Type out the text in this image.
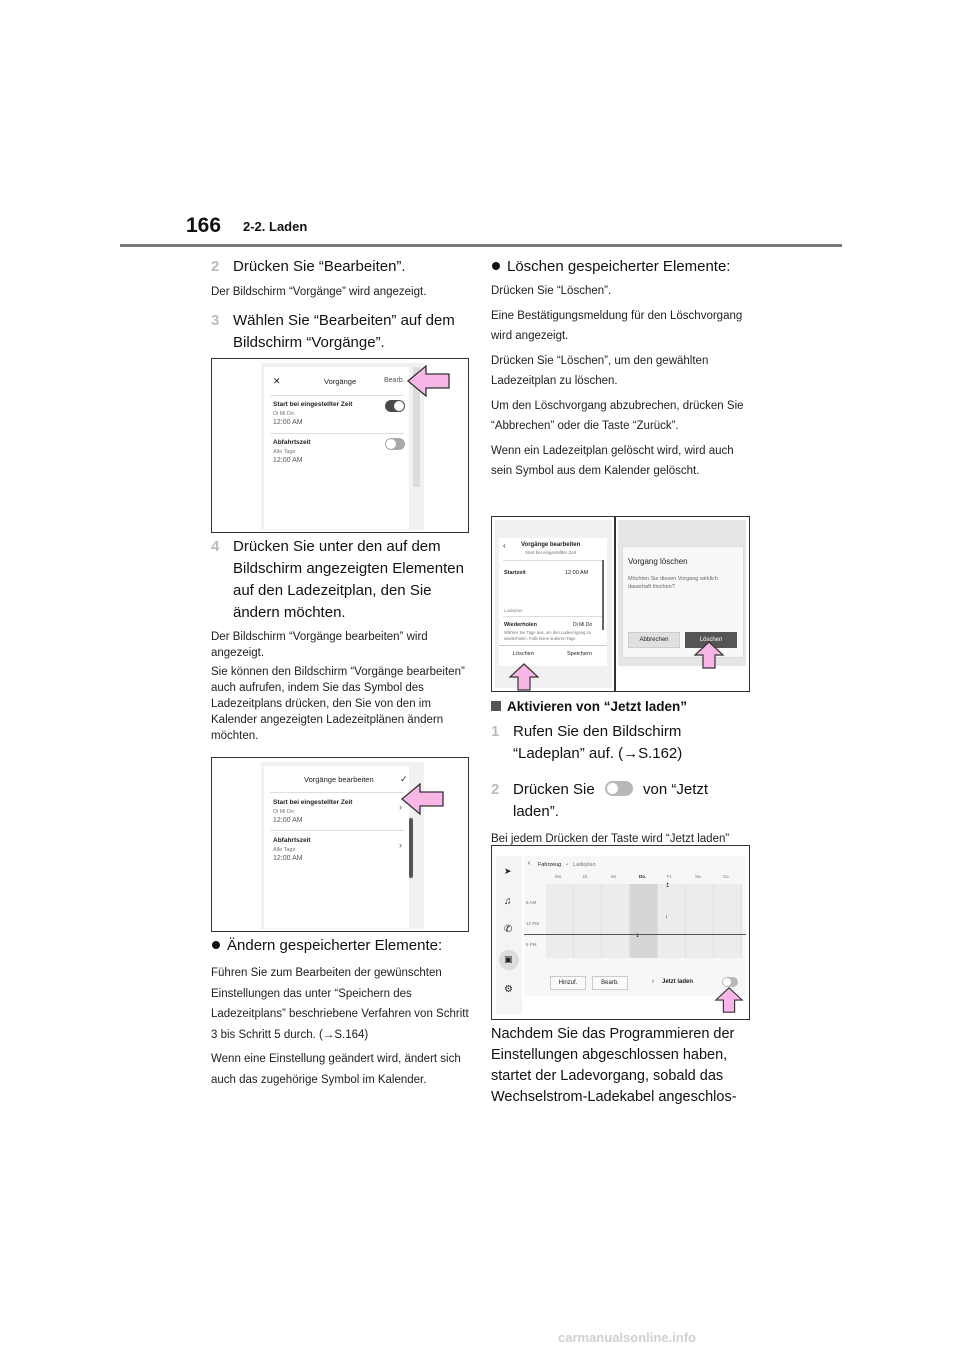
166 2-2. Laden

2 Drücken Sie “Bearbeiten”.

Der Bildschirm “Vorgänge” wird angezeigt.

3 Wählen Sie “Bearbeiten” auf dem Bildschirm “Vorgänge”.

✕	Vorgänge	Bearb.
Start bei eingestellter Zeit
Di Mi Do
12:00 AM
Abfahrtszeit
Alle Tage
12:00 AM

4 Drücken Sie unter den auf dem Bildschirm angezeigten Elementen auf den Ladezeitplan, den Sie ändern möchten.

Der Bildschirm “Vorgänge bearbeiten” wird angezeigt.

Sie können den Bildschirm “Vorgänge bearbeiten” auch aufrufen, indem Sie das Symbol des Ladezeitplans drücken, den Sie von den im Kalender angezeigten Ladezeitplänen ändern möchten.

Vorgänge bearbeiten	✓
Start bei eingestellter Zeit
Di Mi Do
12:00 AM
›
Abfahrtszeit
Alle Tage
12:00 AM
›

Ändern gespeicherter Elemente:

Führen Sie zum Bearbeiten der gewünschten Einstellungen das unter “Speichern des Ladezeitplans” beschriebene Verfahren von Schritt 3 bis Schritt 5 durch. (→S.164)

Wenn eine Einstellung geändert wird, ändert sich auch das zugehörige Symbol im Kalender.

Löschen gespeicherter Elemente:

Drücken Sie “Löschen”.

Eine Bestätigungsmeldung für den Löschvorgang wird angezeigt.

Drücken Sie “Löschen”, um den gewählten Ladezeitplan zu löschen.

Um den Löschvorgang abzubrechen, drücken Sie “Abbrechen” oder die Taste “Zurück”.

Wenn ein Ladezeitplan gelöscht wird, wird auch sein Symbol aus dem Kalender gelöscht.

‹	Vorgänge bearbeiten
Start bei eingestellter Zeit
Startzeit	12:00 AM
Ladeplan
Wiederholen	Di Mi Do
Wählen Sie Tage aus, um den Ladevorgang zu wiederholen. Falls keine anderen Tage
Löschen	Speichern
Vorgang löschen
Möchten Sie diesen Vorgang wirklich dauerhaft löschen?
Abbrechen	Löschen

Aktivieren von “Jetzt laden”

1 Rufen Sie den Bildschirm “Ladeplan” auf. (→S.162)

2 Drücken Sie	von “Jetzt laden”.

Bei jedem Drücken der Taste wird “Jetzt laden”

➤
♫
✆
▣
⚙
‹ Fahrzeug • Ladeplan
Mo.	Di.	Mi.	Do.	Fr.	Sa.	So.
6 AM
12 PM
6 PM
↥
↓
⇣
Hinzuf.	Bearb.	› Jetzt laden

Nachdem Sie das Programmieren der Einstellungen abgeschlossen haben, startet der Ladevorgang, sobald das Wechselstrom-Ladekabel angeschlos-

carmanualsonline.info
